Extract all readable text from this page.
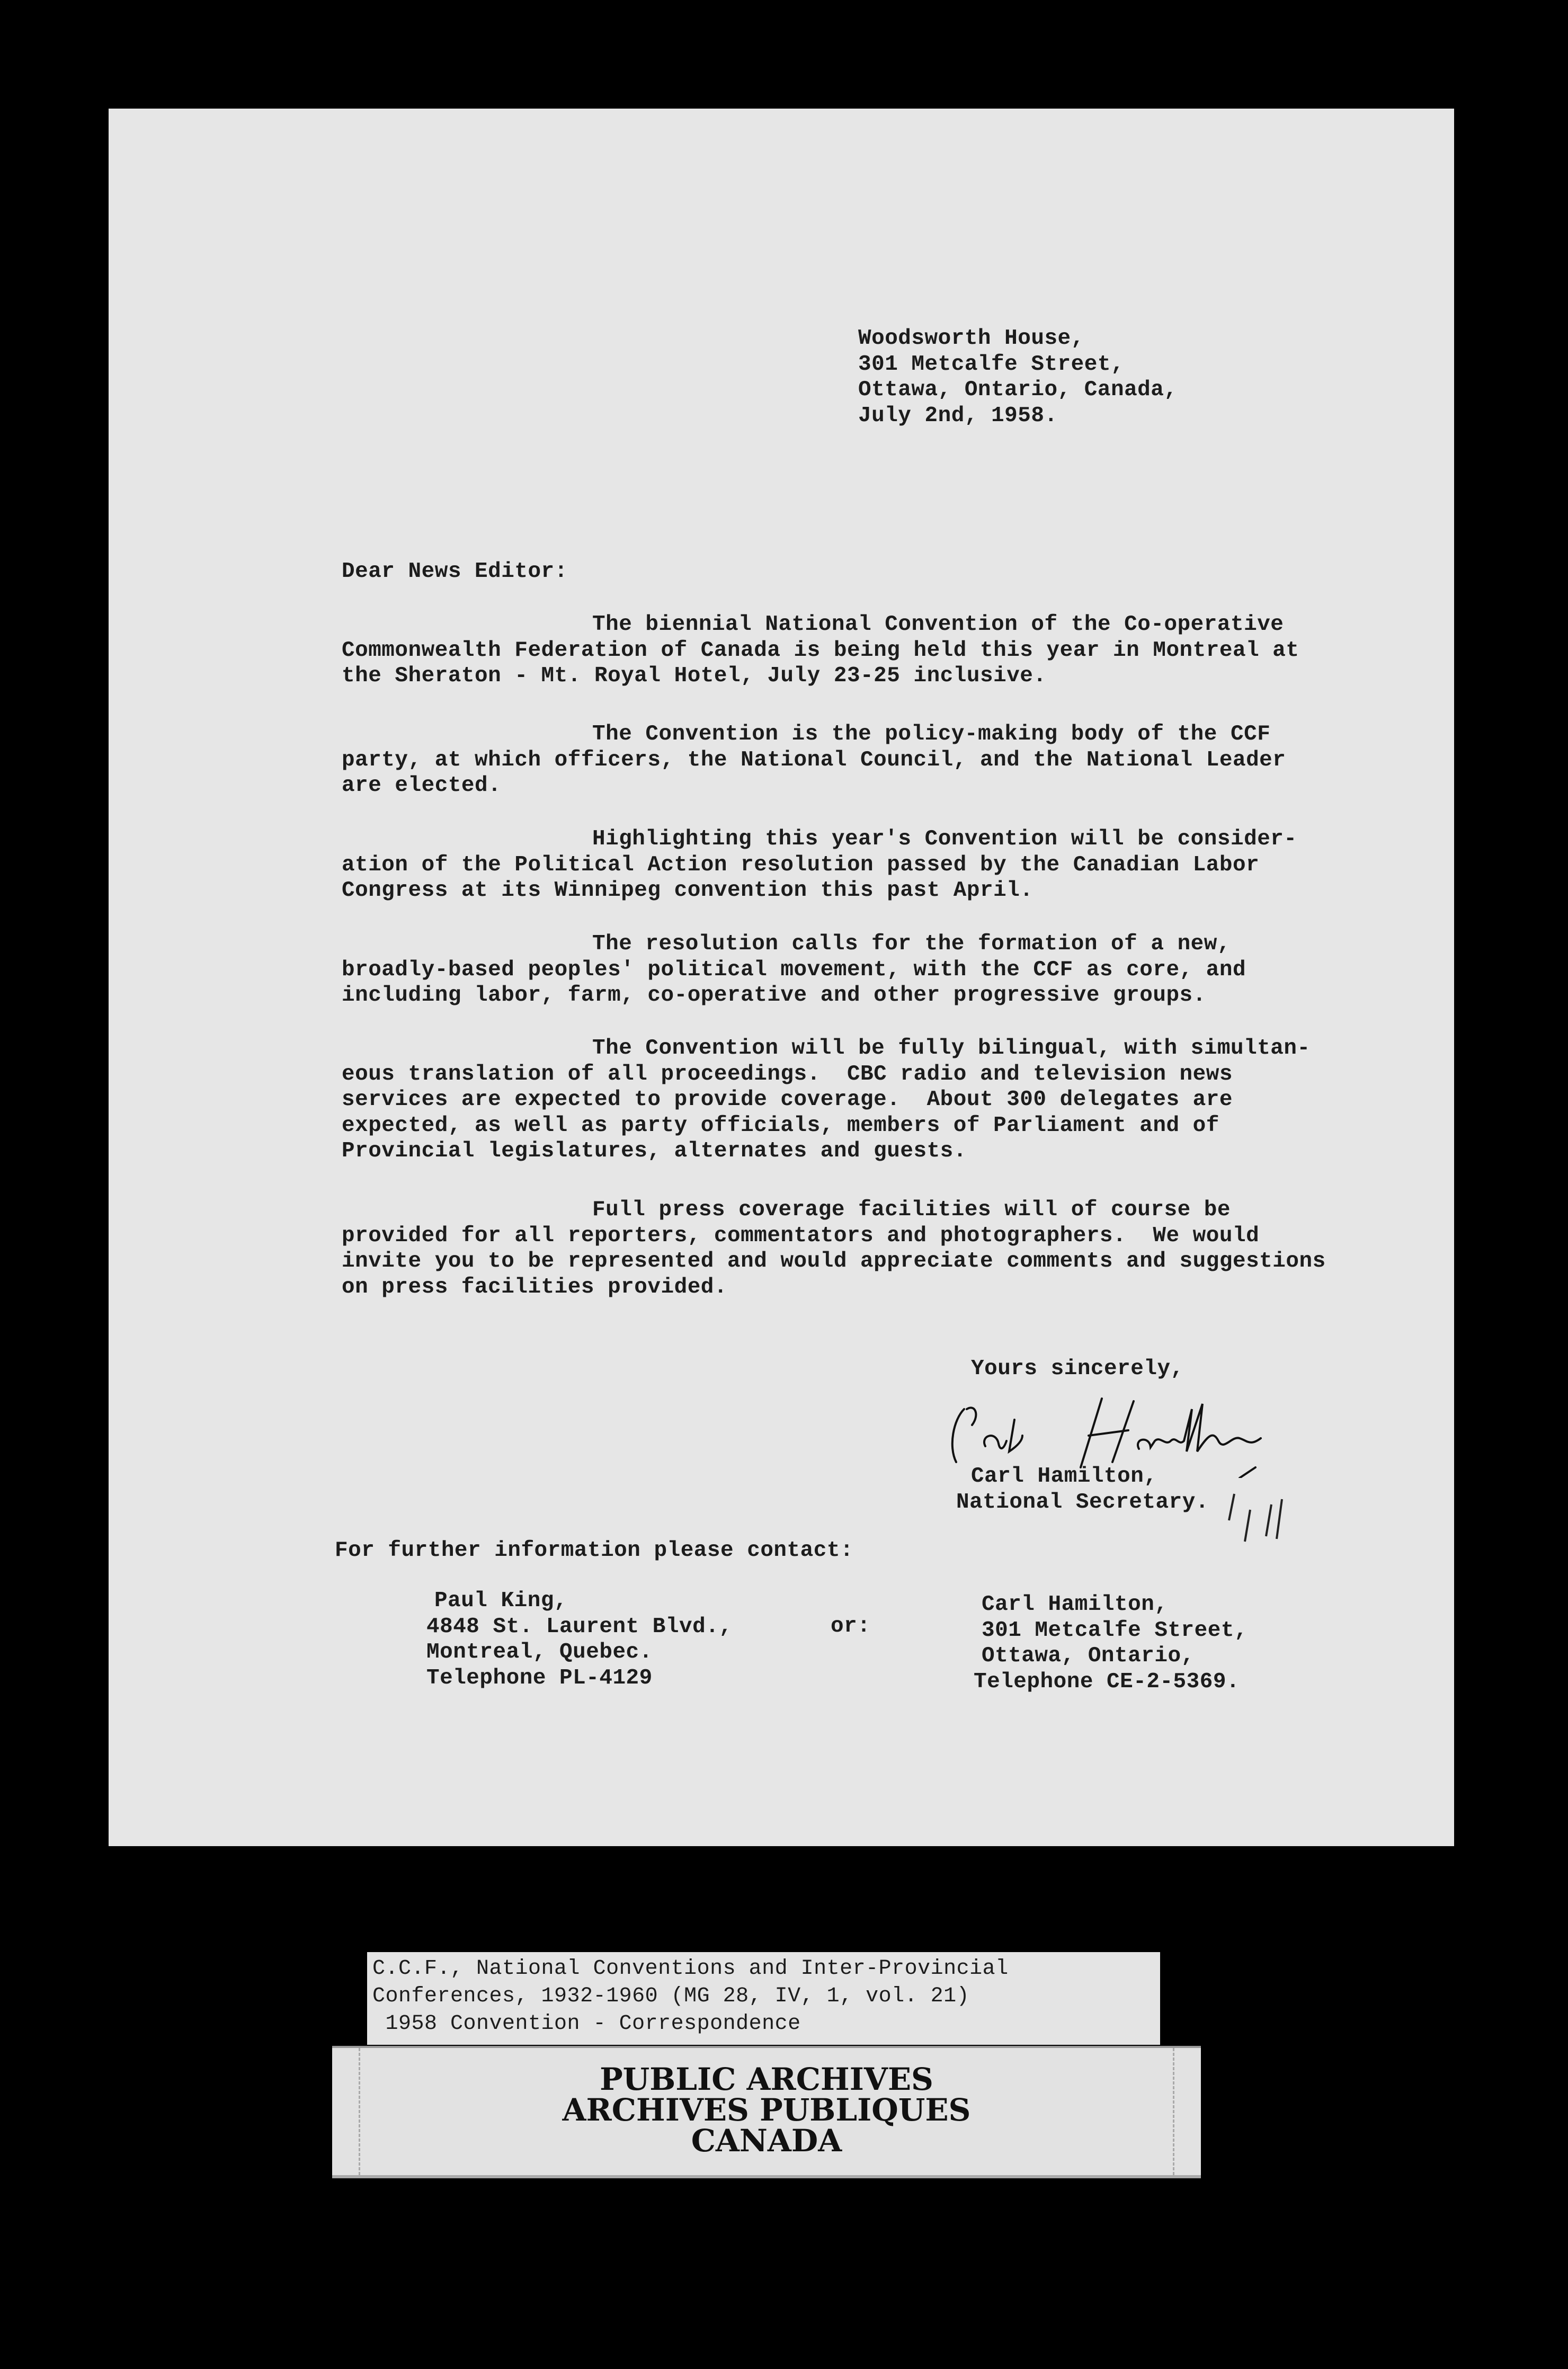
Woodsworth House,
301 Metcalfe Street,
Ottawa, Ontario, Canada,
July 2nd, 1958.
Dear News Editor:
The biennial National Convention of the Co-operative
Commonwealth Federation of Canada is being held this year in Montreal at
the Sheraton - Mt. Royal Hotel, July 23-25 inclusive.
The Convention is the policy-making body of the CCF
party, at which officers, the National Council, and the National Leader
are elected.
Highlighting this year's Convention will be consider-
ation of the Political Action resolution passed by the Canadian Labor
Congress at its Winnipeg convention this past April.
The resolution calls for the formation of a new,
broadly-based peoples' political movement, with the CCF as core, and
including labor, farm, co-operative and other progressive groups.
The Convention will be fully bilingual, with simultan-
eous translation of all proceedings.  CBC radio and television news
services are expected to provide coverage.  About 300 delegates are
expected, as well as party officials, members of Parliament and of
Provincial legislatures, alternates and guests.
Full press coverage facilities will of course be
provided for all reporters, commentators and photographers.  We would
invite you to be represented and would appreciate comments and suggestions
on press facilities provided.
Yours sincerely,
Carl Hamilton,
National Secretary.
For further information please contact:
Paul King,
4848 St. Laurent Blvd.,
Montreal, Quebec.
Telephone PL-4129
or:
Carl Hamilton,
301 Metcalfe Street,
Ottawa, Ontario,
Telephone CE-2-5369.
C.C.F., National Conventions and Inter-Provincial
Conferences, 1932-1960 (MG 28, IV, 1, vol. 21)
1958 Convention - Correspondence
PUBLIC ARCHIVES
ARCHIVES PUBLIQUES
CANADA
